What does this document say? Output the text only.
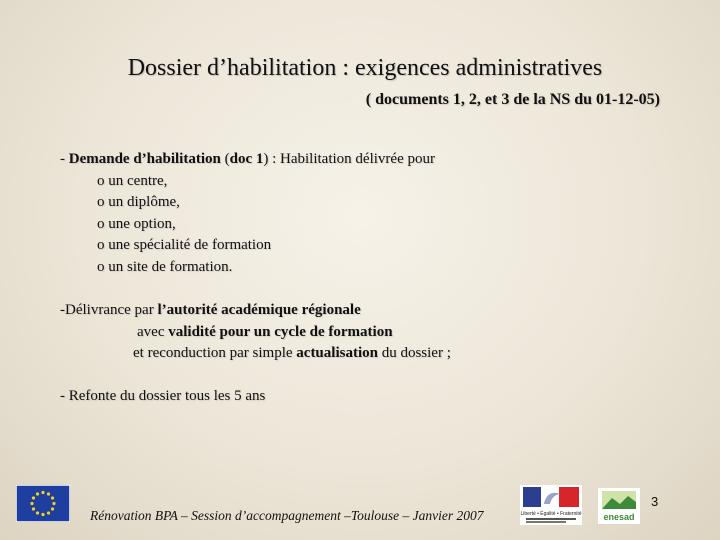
Dossier d’habilitation : exigences administratives
( documents 1, 2, et 3 de la NS du 01-12-05)
- Demande d’habilitation (doc 1) : Habilitation délivrée pour
o un centre,
o un diplôme,
o une option,
o une spécialité de formation
o un site de formation.
-Délivrance par l’autorité académique régionale
avec validité pour un cycle de formation
et reconduction par simple actualisation du dossier ;
- Refonte du dossier tous les 5 ans
Rénovation BPA – Session d’accompagnement –Toulouse – Janvier 2007	Liberté • Égalité • Fraternité enesad
3
